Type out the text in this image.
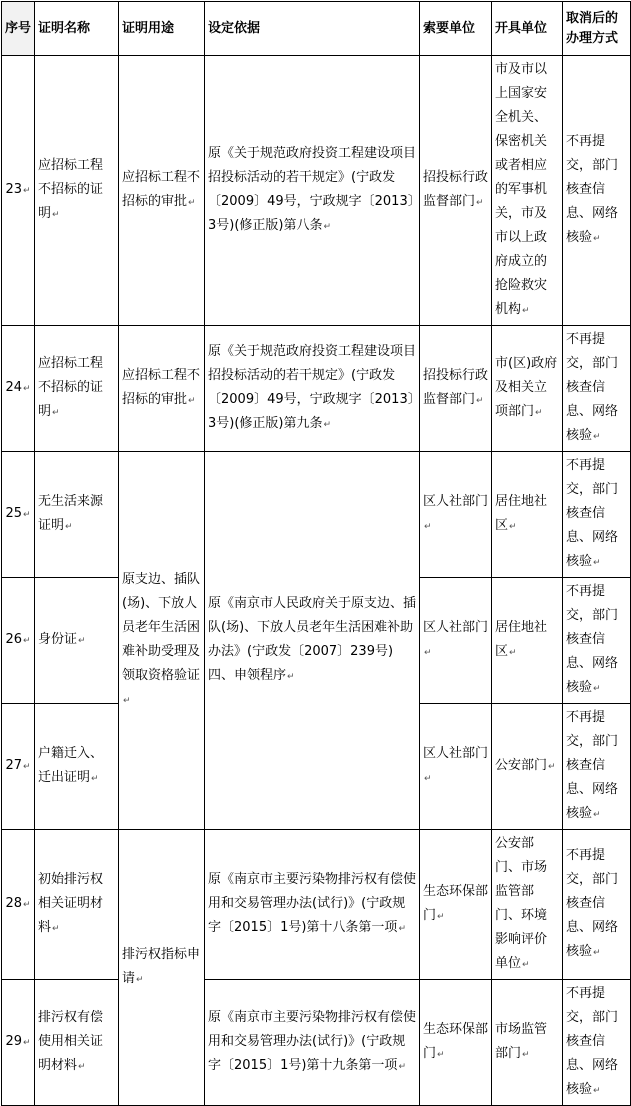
序号	证明名称	证明用途	设定依据	索要单位	开具单位	取消后的办理方式
23↵	应招标工程不招标的证明↵	应招标工程不招标的审批↵	原《关于规范政府投资工程建设项目招投标活动的若干规定》(宁政发〔2009〕49号，宁政规字〔2013〕3号)(修正版)第八条↵	招投标行政监督部门↵	市及市以上国家安全机关、保密机关或者相应的军事机关，市及市以上政府成立的抢险救灾机构↵	不再提交，部门核查信息、网络核验↵
24↵	应招标工程不招标的证明↵	应招标工程不招标的审批↵	原《关于规范政府投资工程建设项目招投标活动的若干规定》(宁政发〔2009〕49号，宁政规字〔2013〕3号)(修正版)第九条↵	招投标行政监督部门↵	市(区)政府及相关立项部门↵	不再提交，部门核查信息、网络核验↵
25↵	无生活来源证明↵	原支边、插队(场)、下放人员老年生活困难补助受理及领取资格验证↵	原《南京市人民政府关于原支边、插队(场)、下放人员老年生活困难补助办法》(宁政发〔2007〕239号)四、申领程序↵	区人社部门↵	居住地社区↵	不再提交，部门核查信息、网络核验↵
26↵	身份证↵			区人社部门↵	居住地社区↵	不再提交，部门核查信息、网络核验↵
27↵	户籍迁入、迁出证明↵			区人社部门↵	公安部门↵	不再提交，部门核查信息、网络核验↵
28↵	初始排污权相关证明材料↵	排污权指标申请↵	原《南京市主要污染物排污权有偿使用和交易管理办法(试行)》(宁政规字〔2015〕1号)第十八条第一项↵	生态环保部门↵	公安部门、市场监管部门、环境影响评价单位↵	不再提交，部门核查信息、网络核验↵
29↵	排污权有偿使用相关证明材料↵		原《南京市主要污染物排污权有偿使用和交易管理办法(试行)》(宁政规字〔2015〕1号)第十九条第一项↵	生态环保部门↵	市场监管部门↵	不再提交，部门核查信息、网络核验↵
